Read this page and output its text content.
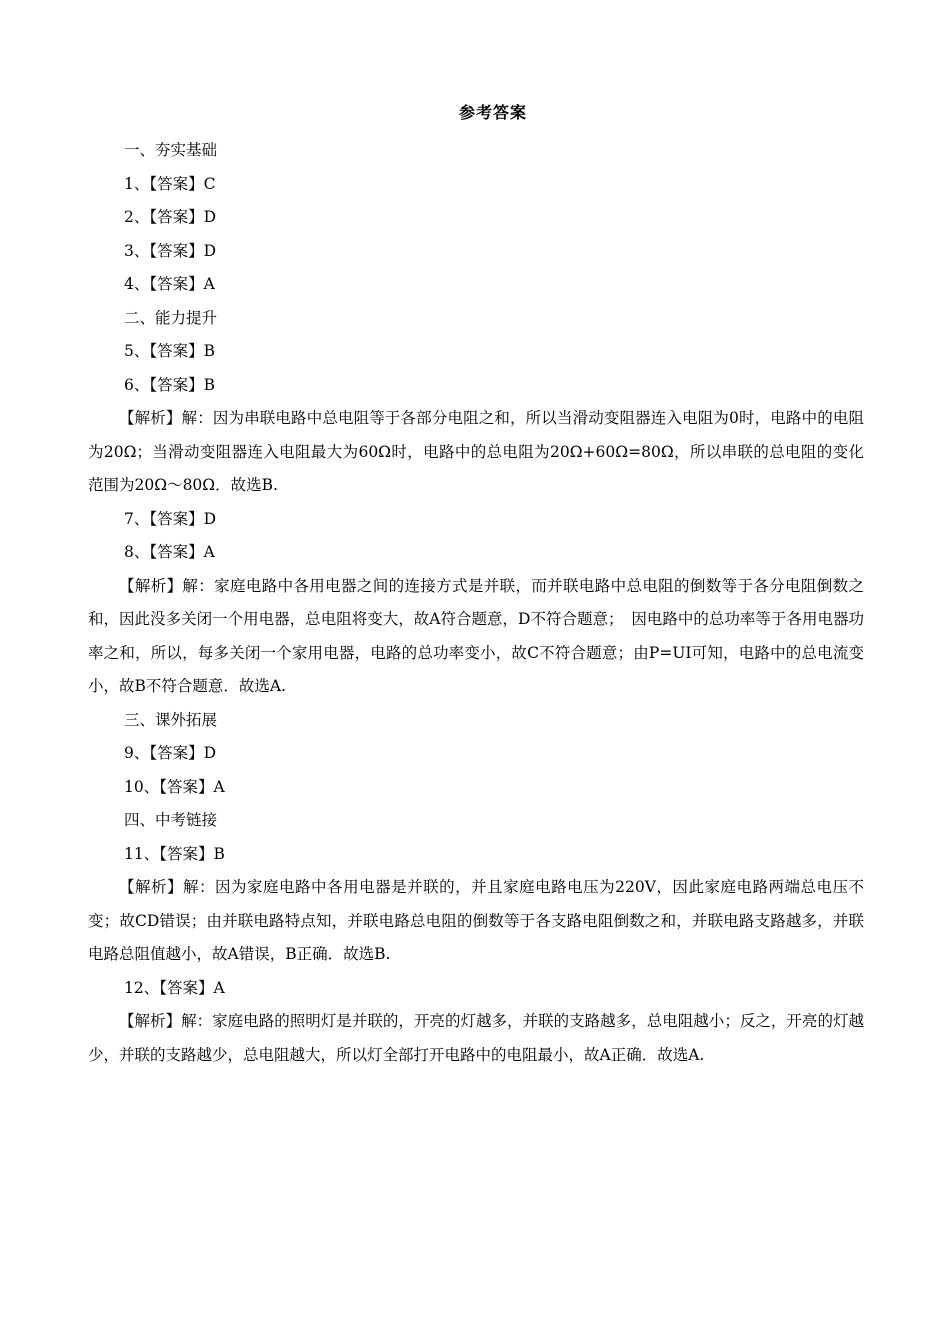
参考答案
一、夯实基础
1、【答案】C
2、【答案】D
3、【答案】D
4、【答案】A
二、能力提升
5、【答案】B
6、【答案】B
【解析】解：因为串联电路中总电阻等于各部分电阻之和，所以当滑动变阻器连入电阻为0时，电路中的电阻为20Ω；当滑动变阻器连入电阻最大为60Ω时，电路中的总电阻为20Ω+60Ω=80Ω，所以串联的总电阻的变化范围为20Ω～80Ω．故选B.
7、【答案】D
8、【答案】A
【解析】解：家庭电路中各用电器之间的连接方式是并联，而并联电路中总电阻的倒数等于各分电阻倒数之和，因此没多关闭一个用电器，总电阻将变大，故A符合题意，D不符合题意；　因电路中的总功率等于各用电器功率之和，所以，每多关闭一个家用电器，电路的总功率变小，故C不符合题意；由P=UI可知，电路中的总电流变小，故B不符合题意．故选A.
三、课外拓展
9、【答案】D
10、【答案】A
四、中考链接
11、【答案】B
【解析】解：因为家庭电路中各用电器是并联的，并且家庭电路电压为220V，因此家庭电路两端总电压不变；故CD错误；由并联电路特点知，并联电路总电阻的倒数等于各支路电阻倒数之和，并联电路支路越多，并联电路总阻值越小，故A错误，B正确．故选B.
12、【答案】A
【解析】解：家庭电路的照明灯是并联的，开亮的灯越多，并联的支路越多，总电阻越小；反之，开亮的灯越少，并联的支路越少，总电阻越大，所以灯全部打开电路中的电阻最小，故A正确．故选A.
